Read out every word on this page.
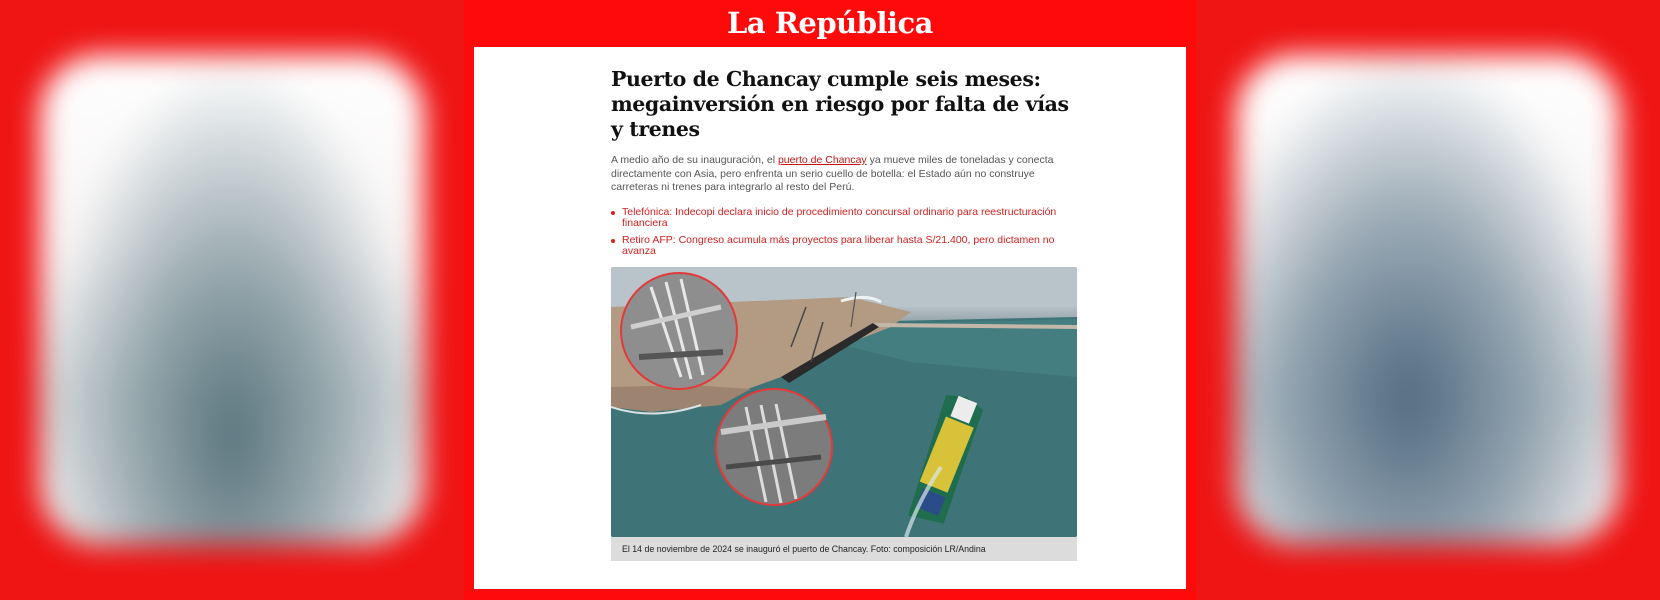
La República
Puerto de Chancay cumple seis meses: megainversión en riesgo por falta de vías y trenes

A medio año de su inauguración, el puerto de Chancay ya mueve miles de toneladas y conecta directamente con Asia, pero enfrenta un serio cuello de botella: el Estado aún no construye carreteras ni trenes para integrarlo al resto del Perú.

Telefónica: Indecopi declara inicio de procedimiento concursal ordinario para reestructuración financiera
Retiro AFP: Congreso acumula más proyectos para liberar hasta S/21.400, pero dictamen no avanza
El 14 de noviembre de 2024 se inauguró el puerto de Chancay. Foto: composición LR/Andina
